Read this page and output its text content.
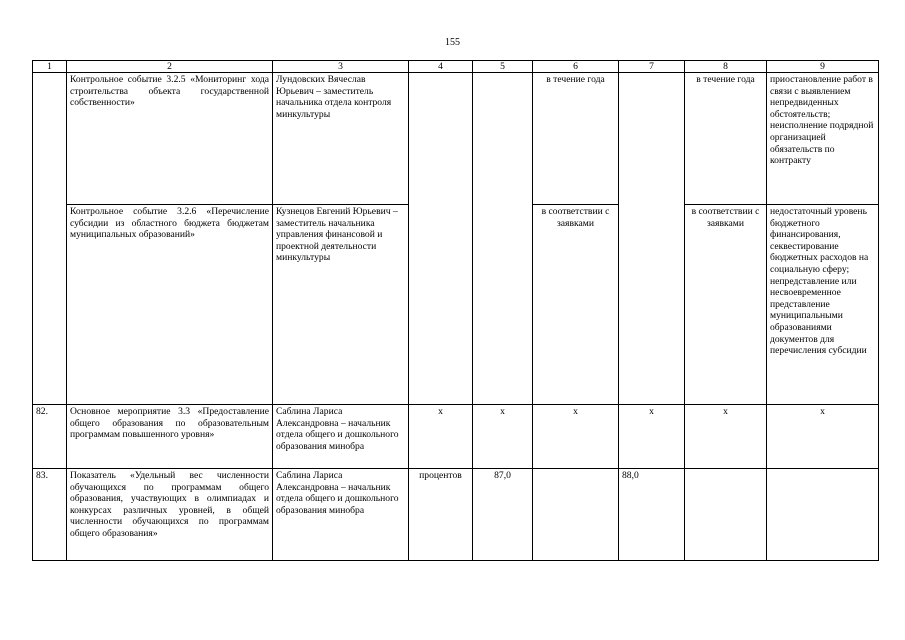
155
1	2	3	4	5	6	7	8	9
	Контрольное событие 3.2.5 «Мониторинг хода строительства объекта государственной собственности»	Лундовских Вячеслав Юрьевич – заместитель начальника отдела контроля минкультуры			в течение года		в течение года	приостановление работ в связи с выявлением непредвиденных обстоятельств; неисполнение подрядной организацией обязательств по контракту
	Контрольное событие 3.2.6 «Перечисление субсидии из областного бюджета бюджетам муниципальных образований»	Кузнецов Евгений Юрьевич – заместитель начальника управления финансовой и проектной деятельности минкультуры			в соответствии с заявками		в соответствии с заявками	недостаточный уровень бюджетного финансирования, секвестирование бюджетных расходов на социальную сферу; непредставление или несвоевременное представление муниципальными образованиями документов для перечисления субсидии
82.	Основное мероприятие 3.3 «Предоставление общего образования по образовательным программам повышенного уровня»	Саблина Лариса Александровна – начальник отдела общего и дошкольного образования минобра	х	х	х	х	х	х
83.	Показатель «Удельный вес численности обучающихся по программам общего образования, участвующих в олимпиадах и конкурсах различных уровней, в общей численности обучающихся по программам общего образования»	Саблина Лариса Александровна – начальник отдела общего и дошкольного образования минобра	процентов	87,0		88,0		
